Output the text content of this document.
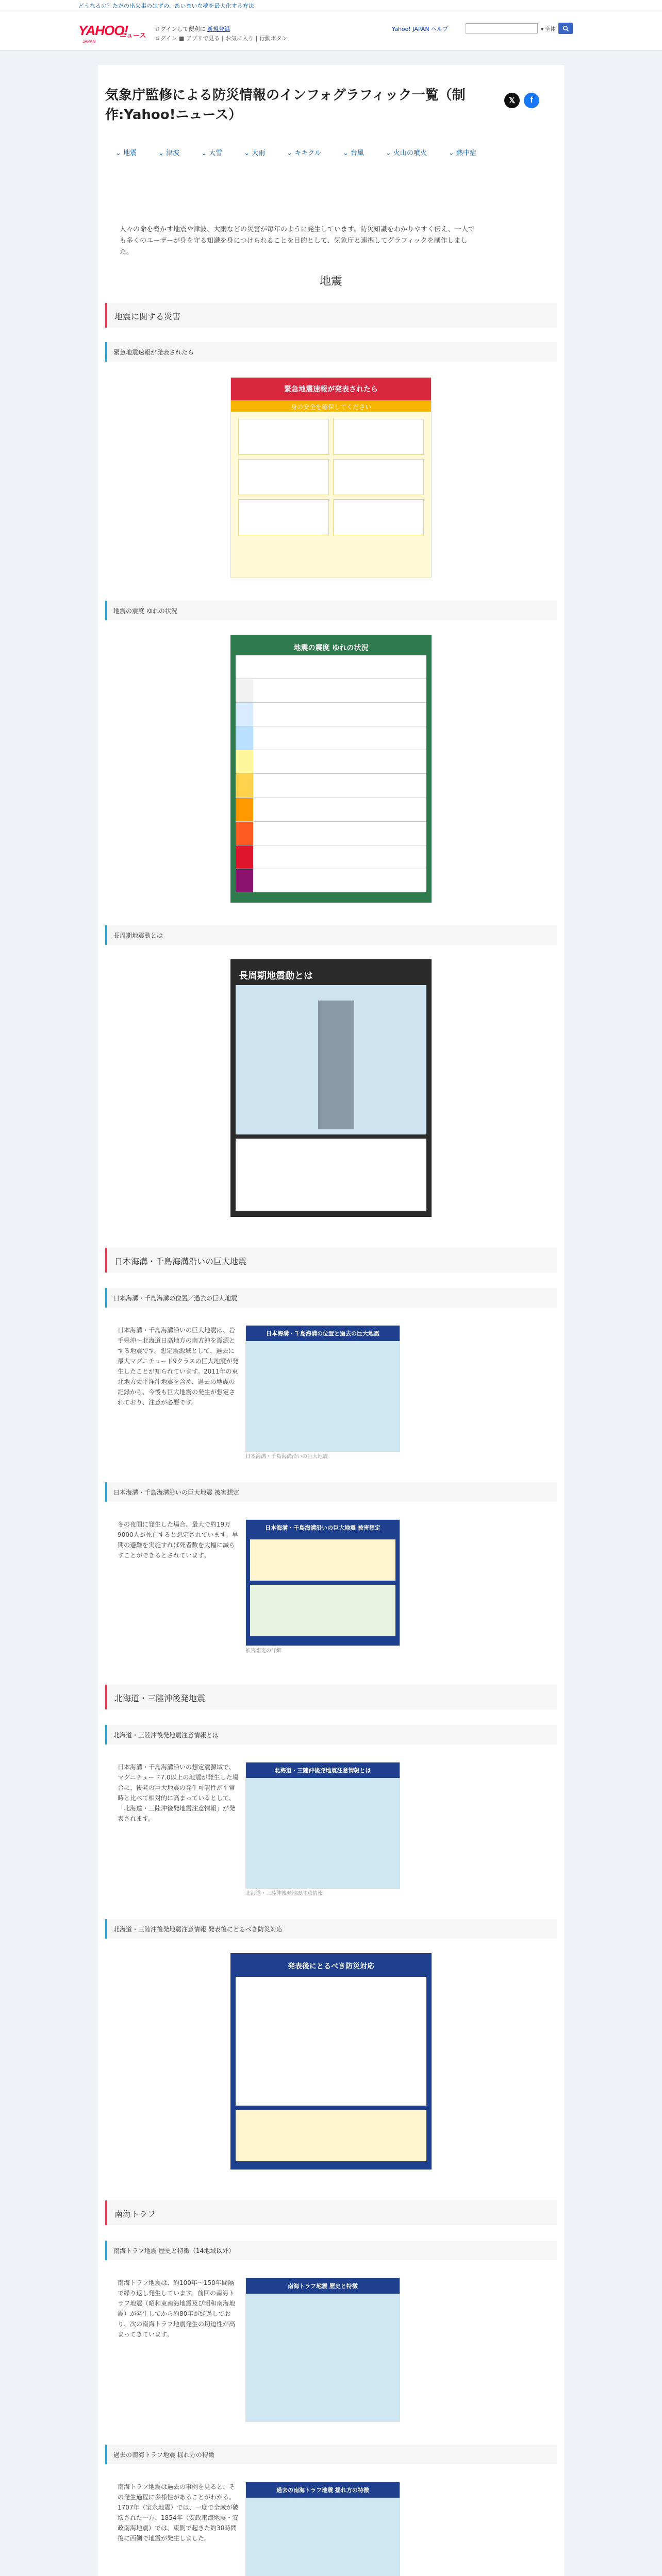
どうなるの？ただの出来事のはずの、あいまいな夢を最大化する方法
YAHOO!
JAPAN
ニュース
ログインして便利に 新規登録
ログイン ■ アプリで見る | お気に入り | 行動ボタン
Yahoo! JAPAN ヘルプ	▾ 全体
気象庁監修による防災情報のインフォグラフィック一覧（制作:Yahoo!ニュース）
𝕏	f
⌄ 地震	⌄ 津波	⌄ 大雪	⌄ 大雨	⌄ キキクル	⌄ 台風	⌄ 火山の噴火	⌄ 熱中症

人々の命を脅かす地震や津波、大雨などの災害が毎年のように発生しています。防災知識をわかりやすく伝え、一人でも多くのユーザーが身を守る知識を身につけられることを目的として、気象庁と連携してグラフィックを制作しました。

地震
地震に関する災害
緊急地震速報が発表されたら
緊急地震速報が発表されたら
身の安全を確保してください
地震の震度 ゆれの状況
地震の震度 ゆれの状況
長周期地震動とは
長周期地震動とは
日本海溝・千島海溝沿いの巨大地震
日本海溝・千島海溝の位置／過去の巨大地震

日本海溝・千島海溝沿いの巨大地震は、岩手県沖〜北海道日高地方の南方沖を震源とする地震です。想定震源域として、過去に最大マグニチュード9クラスの巨大地震が発生したことが知られています。2011年の東北地方太平洋沖地震を含め、過去の地震の記録から、今後も巨大地震の発生が想定されており、注意が必要です。

日本海溝・千島海溝の位置と過去の巨大地震
日本海溝・千島海溝沿いの巨大地震
日本海溝・千島海溝沿いの巨大地震 被害想定

冬の夜間に発生した場合、最大で約19万9000人が死亡すると想定されています。早期の避難を実施すれば死者数を大幅に減らすことができるとされています。

日本海溝・千島海溝沿いの巨大地震 被害想定
被害想定の詳細
北海道・三陸沖後発地震
北海道・三陸沖後発地震注意情報とは

日本海溝・千島海溝沿いの想定震源域で、マグニチュード7.0以上の地震が発生した場合に、後発の巨大地震の発生可能性が平常時と比べて相対的に高まっているとして、「北海道・三陸沖後発地震注意情報」が発表されます。

北海道・三陸沖後発地震注意情報とは
北海道・三陸沖後発地震注意情報
北海道・三陸沖後発地震注意情報 発表後にとるべき防災対応
発表後にとるべき防災対応
南海トラフ
南海トラフ地震 歴史と特徴（14地域以外）

南海トラフ地震は、約100年〜150年間隔で繰り返し発生しています。前回の南海トラフ地震（昭和東南海地震及び昭和南海地震）が発生してから約80年が経過しており、次の南海トラフ地震発生の切迫性が高まってきています。

南海トラフ地震 歴史と特徴
過去の南海トラフ地震 揺れ方の特徴

南海トラフ地震は過去の事例を見ると、その発生過程に多様性があることがわかる。1707年（宝永地震）では、一度で全域が破壊された一方、1854年（安政東海地震・安政南海地震）では、東側で起きた約30時間後に西側で地震が発生しました。

過去の南海トラフ地震 揺れ方の特徴
